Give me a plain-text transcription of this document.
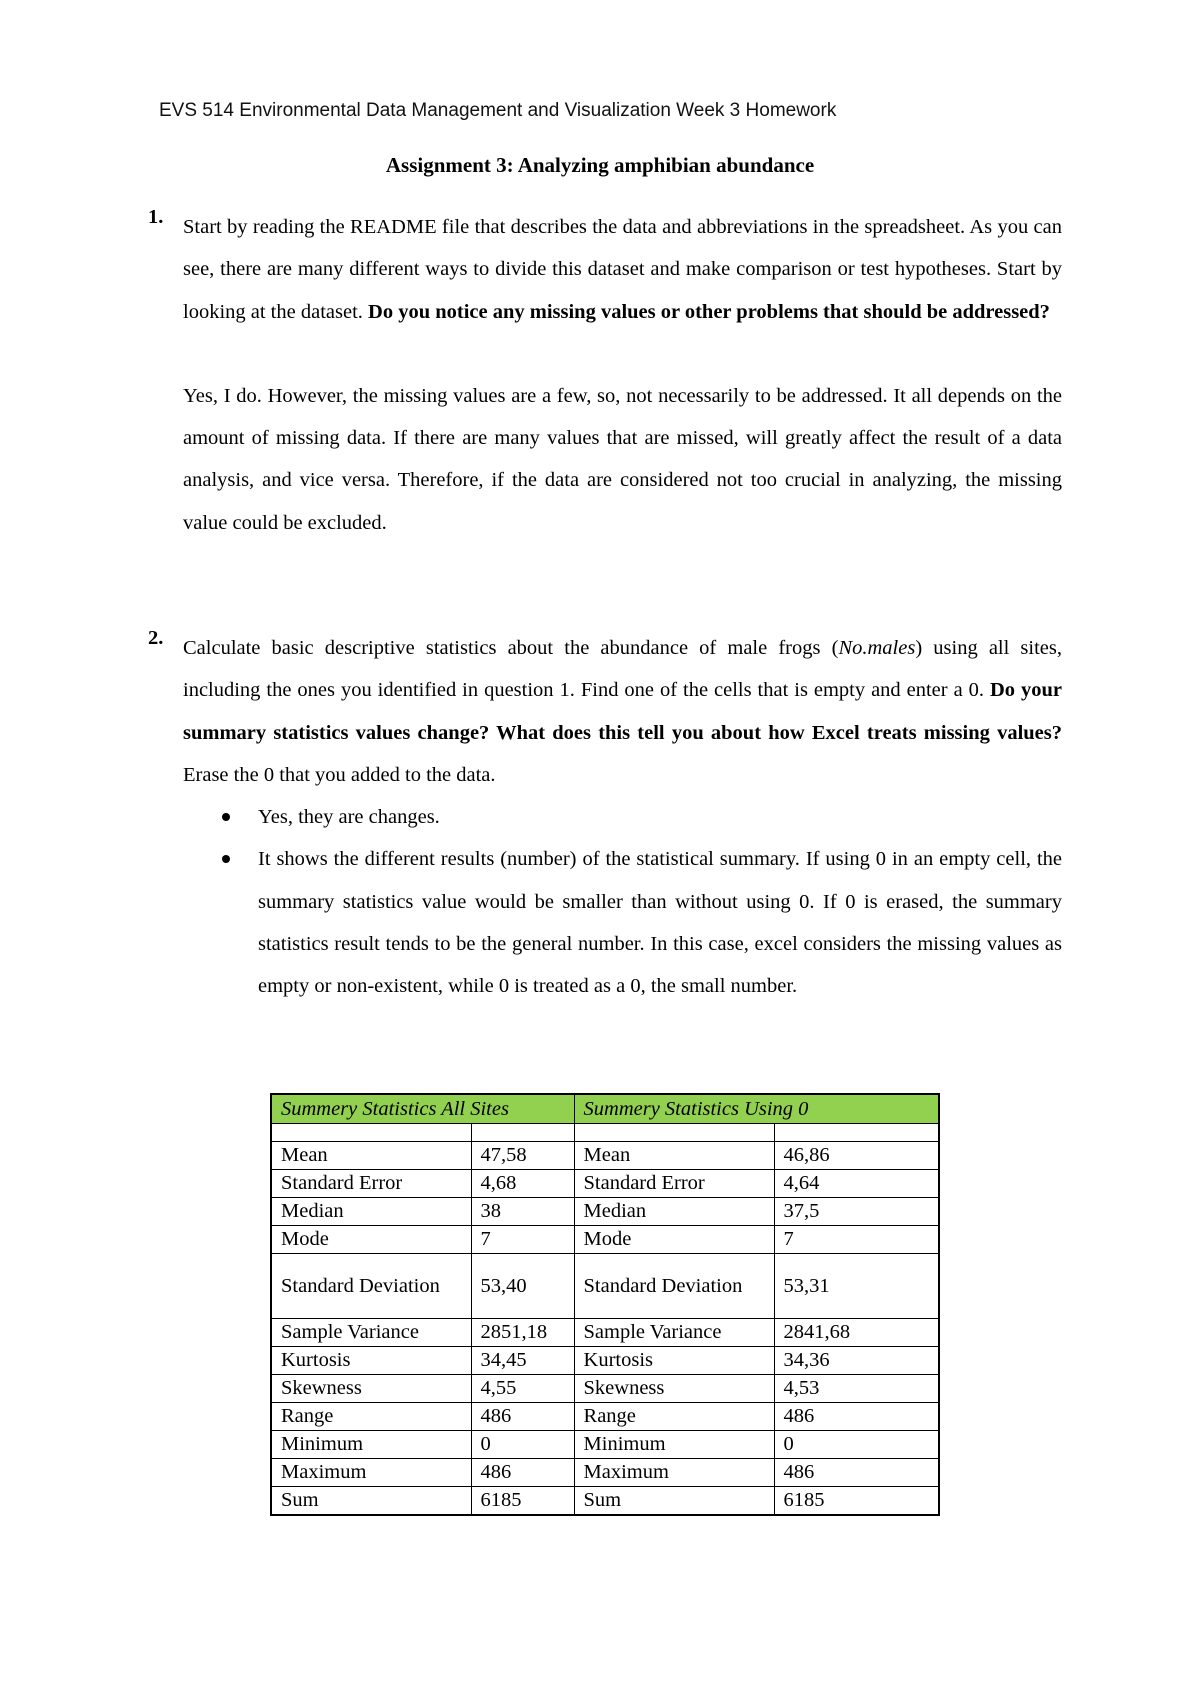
EVS 514 Environmental Data Management and Visualization Week 3 Homework
Assignment 3: Analyzing amphibian abundance
1. Start by reading the README file that describes the data and abbreviations in the spreadsheet. As you can see, there are many different ways to divide this dataset and make comparison or test hypotheses. Start by looking at the dataset. Do you notice any missing values or other problems that should be addressed?

Yes, I do. However, the missing values are a few, so, not necessarily to be addressed. It all depends on the amount of missing data. If there are many values that are missed, will greatly affect the result of a data analysis, and vice versa. Therefore, if the data are considered not too crucial in analyzing, the missing value could be excluded.

2. Calculate basic descriptive statistics about the abundance of male frogs (No.males) using all sites, including the ones you identified in question 1. Find one of the cells that is empty and enter a 0. Do your summary statistics values change? What does this tell you about how Excel treats missing values? Erase the 0 that you added to the data.

Yes, they are changes.
It shows the different results (number) of the statistical summary. If using 0 in an empty cell, the summary statistics value would be smaller than without using 0. If 0 is erased, the summary statistics result tends to be the general number. In this case, excel considers the missing values as empty or non-existent, while 0 is treated as a 0, the small number.
Summery Statistics All Sites		Summery Statistics Using 0	

Mean	47,58	Mean	46,86
Standard Error	4,68	Standard Error	4,64
Median	38	Median	37,5
Mode	7	Mode	7
Standard Deviation	53,40	Standard Deviation	53,31
Sample Variance	2851,18	Sample Variance	2841,68
Kurtosis	34,45	Kurtosis	34,36
Skewness	4,55	Skewness	4,53
Range	486	Range	486
Minimum	0	Minimum	0
Maximum	486	Maximum	486
Sum	6185	Sum	6185
